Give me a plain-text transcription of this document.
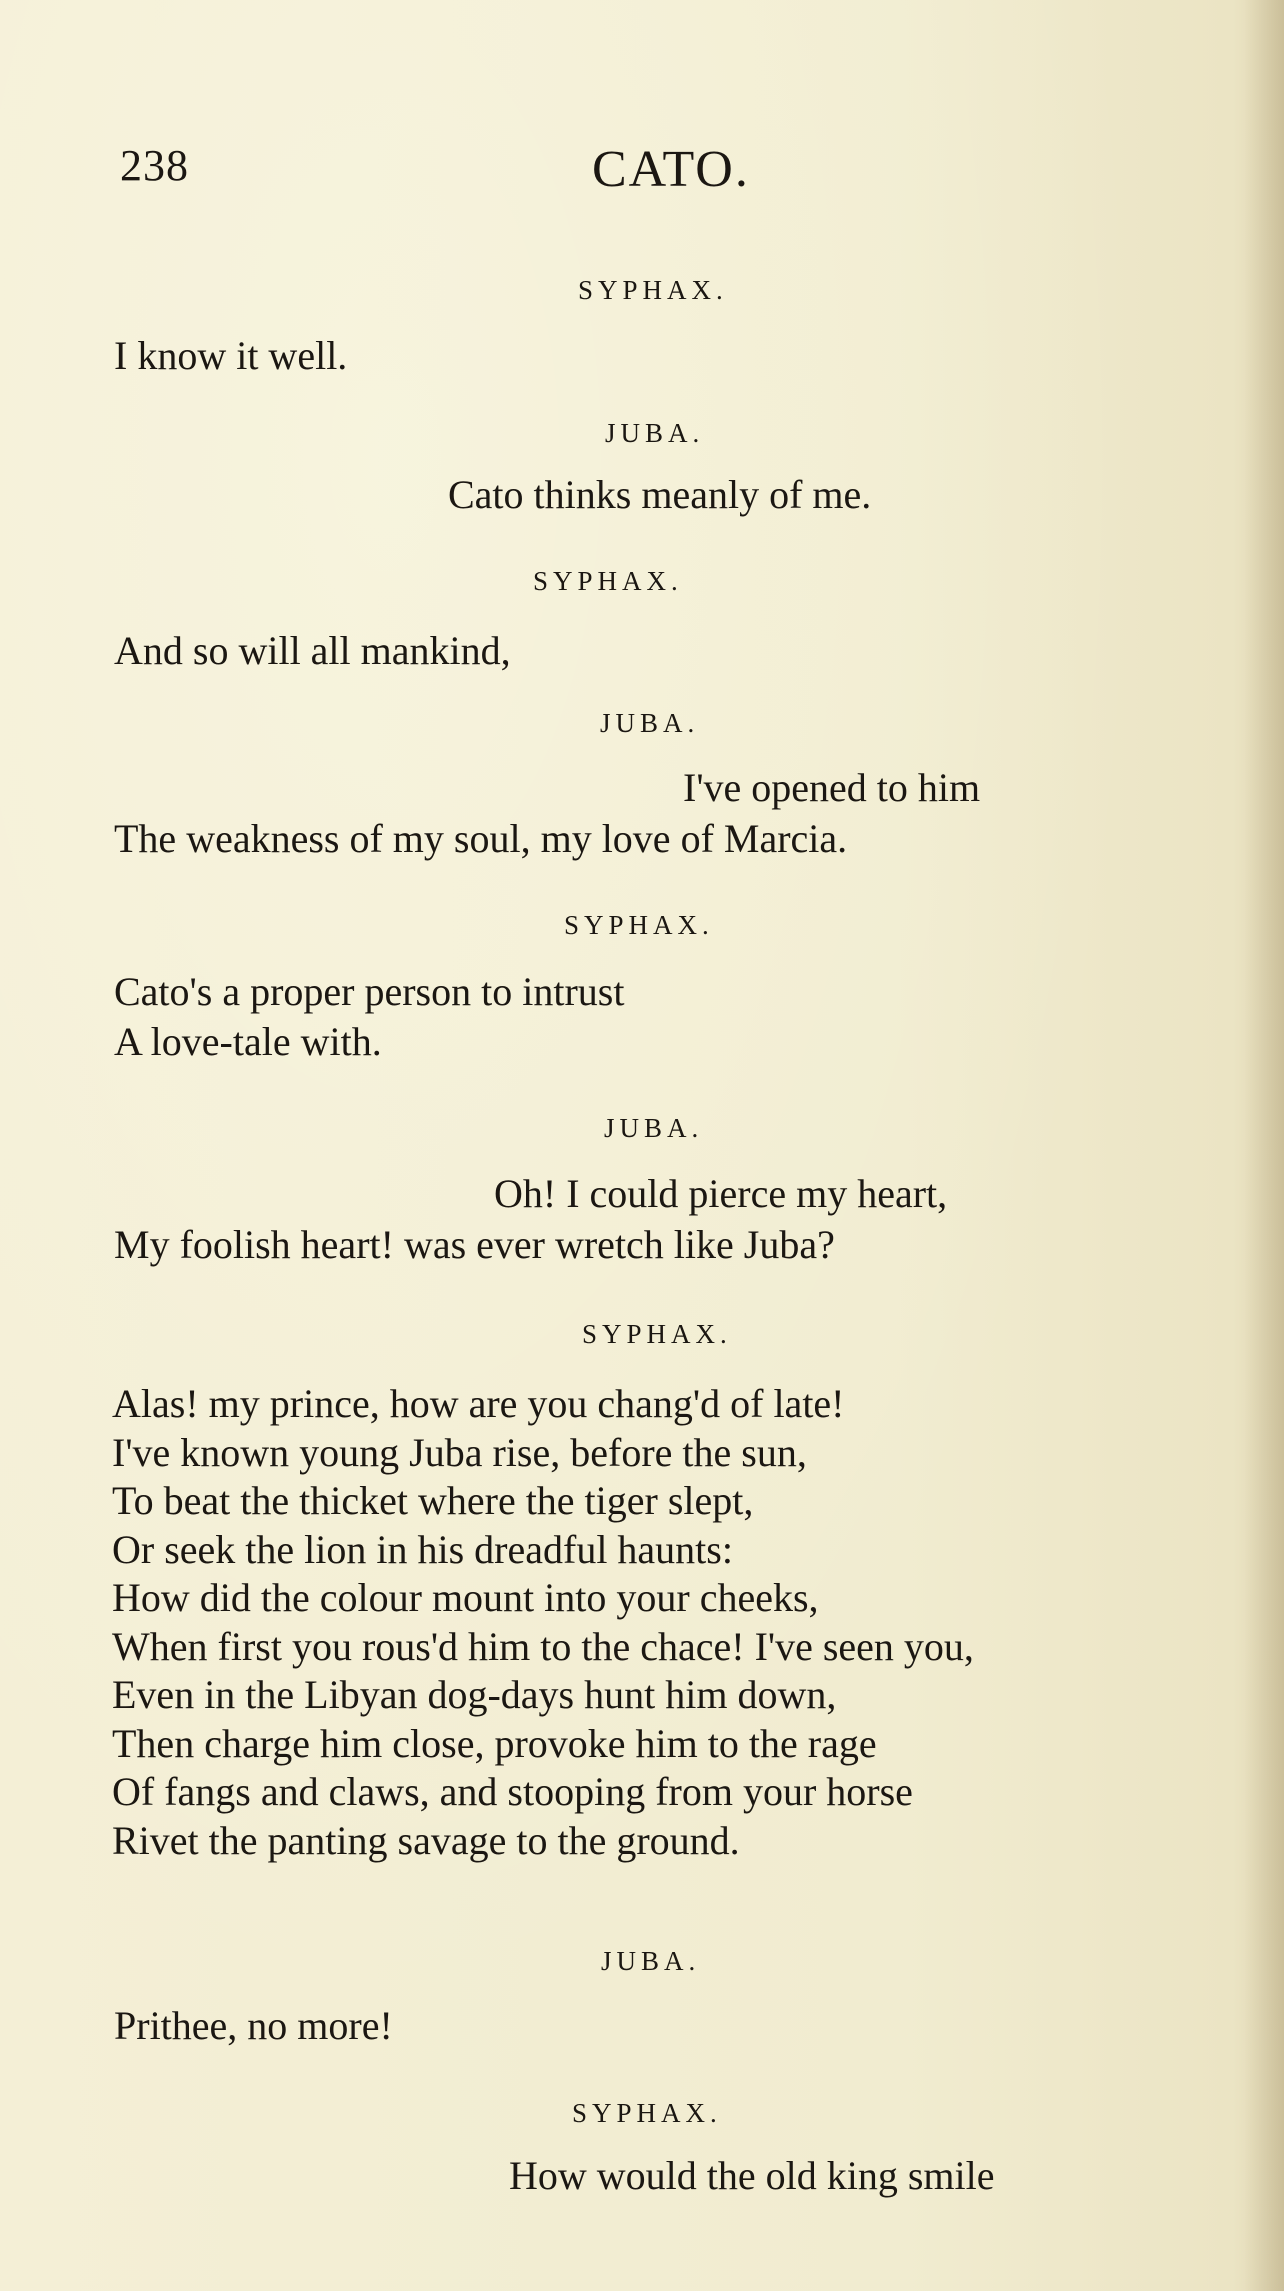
238	CATO.
SYPHAX.
I know it well.
JUBA.
Cato thinks meanly of me.
SYPHAX.
And so will all mankind,
JUBA.
I've opened to him
The weakness of my soul, my love of Marcia.
SYPHAX.
Cato's a proper person to intrust
A love-tale with.
JUBA.
Oh! I could pierce my heart,
My foolish heart! was ever wretch like Juba?
SYPHAX.
Alas! my prince, how are you chang'd of late!
I've known young Juba rise, before the sun,
To beat the thicket where the tiger slept,
Or seek the lion in his dreadful haunts:
How did the colour mount into your cheeks,
When first you rous'd him to the chace! I've seen you,
Even in the Libyan dog-days hunt him down,
Then charge him close, provoke him to the rage
Of fangs and claws, and stooping from your horse
Rivet the panting savage to the ground.
JUBA.
Prithee, no more!
SYPHAX.
How would the old king smile
